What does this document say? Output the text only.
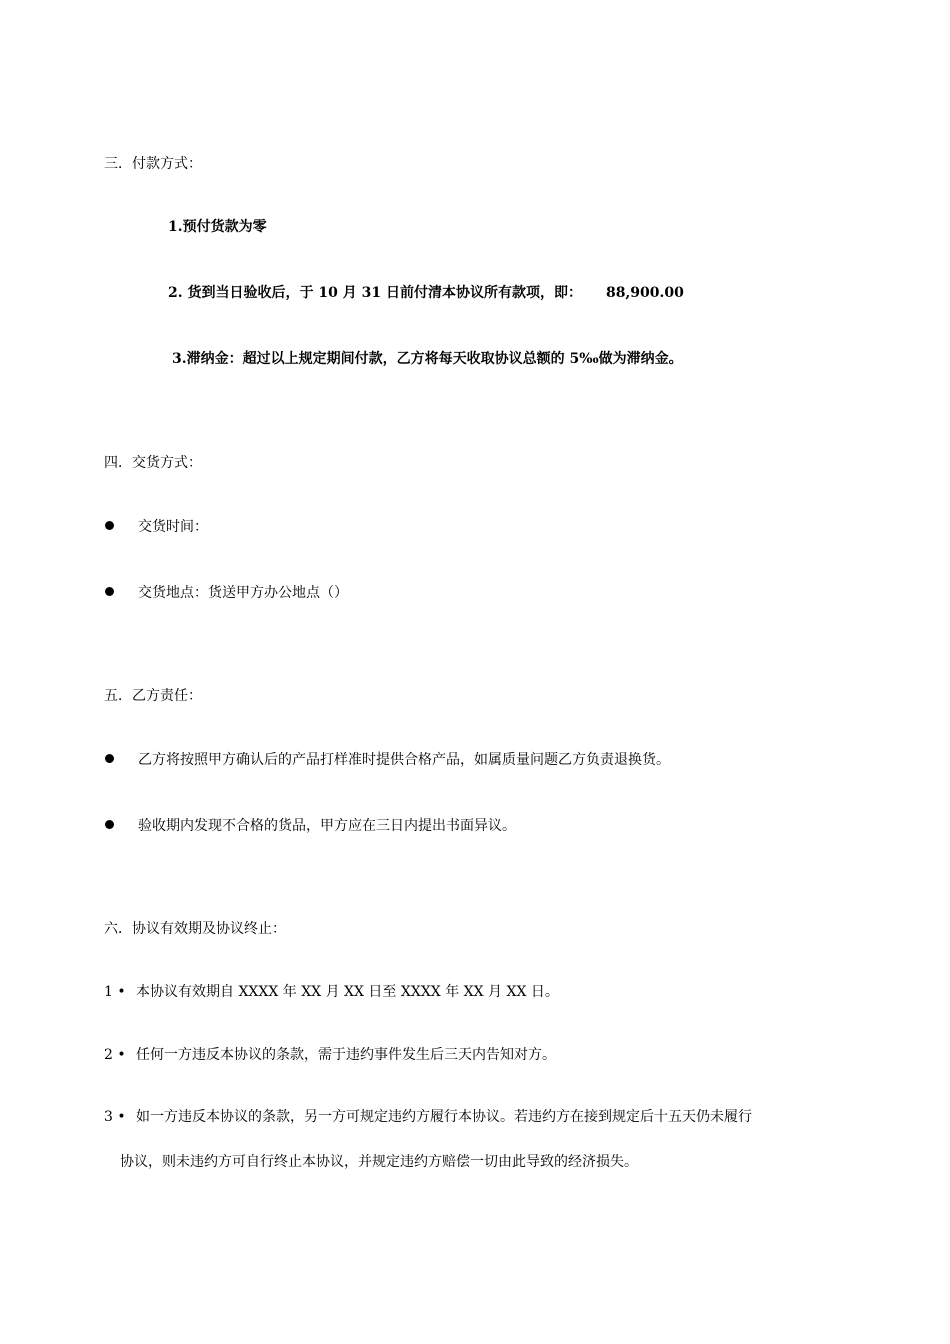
三．付款方式：
1.预付货款为零
2. 货到当日验收后，于 10 月 31 日前付清本协议所有款项，即： 88,900.00
3.滞纳金：超过以上规定期间付款，乙方将每天收取协议总额的 5‰做为滞纳金。
四．交货方式：
交货时间：
交货地点：货送甲方办公地点（）
五．乙方责任：
乙方将按照甲方确认后的产品打样准时提供合格产品，如属质量问题乙方负责退换货。
验收期内发现不合格的货品，甲方应在三日内提出书面异议。
六．协议有效期及协议终止：
1 • 本协议有效期自 XXXX 年 XX 月 XX 日至 XXXX 年 XX 月 XX 日。
2 • 任何一方违反本协议的条款，需于违约事件发生后三天内告知对方。
3 • 如一方违反本协议的条款，另一方可规定违约方履行本协议。若违约方在接到规定后十五天仍未履行
协议，则未违约方可自行终止本协议，并规定违约方赔偿一切由此导致的经济损失。
